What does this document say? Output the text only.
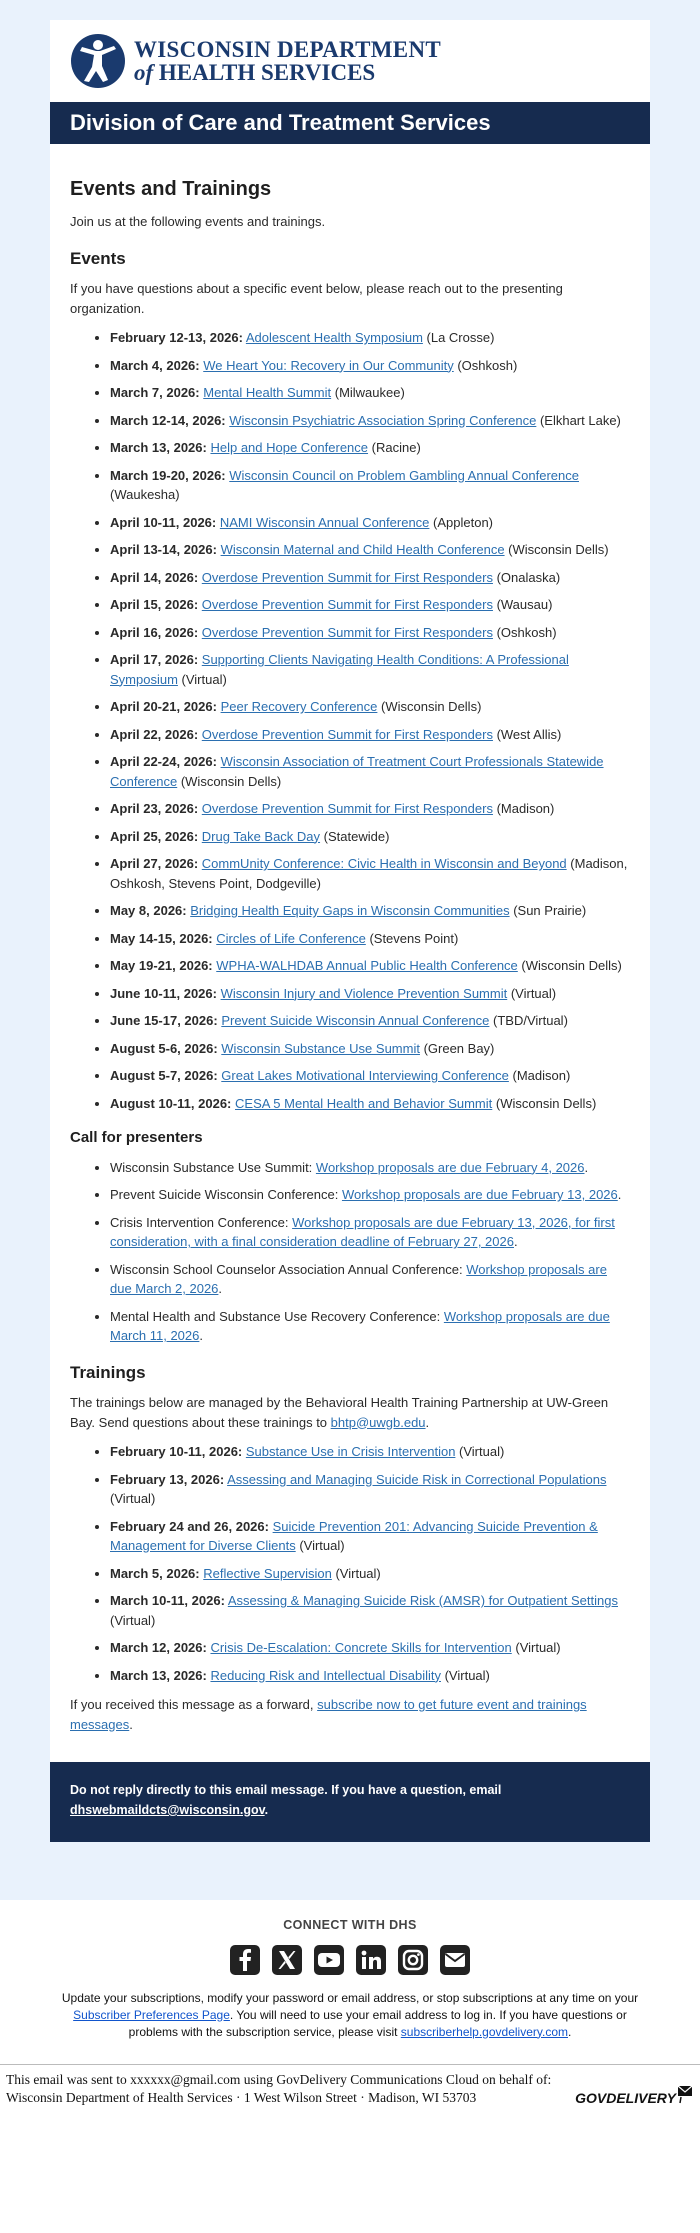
WISCONSIN DEPARTMENT
of HEALTH SERVICES
Division of Care and Treatment Services
Events and Trainings

Join us at the following events and trainings.

Events

If you have questions about a specific event below, please reach out to the presenting organization.

• February 12-13, 2026: Adolescent Health Symposium (La Crosse)
• March 4, 2026: We Heart You: Recovery in Our Community (Oshkosh)
• March 7, 2026: Mental Health Summit (Milwaukee)
• March 12-14, 2026: Wisconsin Psychiatric Association Spring Conference (Elkhart Lake)
• March 13, 2026: Help and Hope Conference (Racine)
• March 19-20, 2026: Wisconsin Council on Problem Gambling Annual Conference (Waukesha)
• April 10-11, 2026: NAMI Wisconsin Annual Conference (Appleton)
• April 13-14, 2026: Wisconsin Maternal and Child Health Conference (Wisconsin Dells)
• April 14, 2026: Overdose Prevention Summit for First Responders (Onalaska)
• April 15, 2026: Overdose Prevention Summit for First Responders (Wausau)
• April 16, 2026: Overdose Prevention Summit for First Responders (Oshkosh)
• April 17, 2026: Supporting Clients Navigating Health Conditions: A Professional Symposium (Virtual)
• April 20-21, 2026: Peer Recovery Conference (Wisconsin Dells)
• April 22, 2026: Overdose Prevention Summit for First Responders (West Allis)
• April 22-24, 2026: Wisconsin Association of Treatment Court Professionals Statewide Conference (Wisconsin Dells)
• April 23, 2026: Overdose Prevention Summit for First Responders (Madison)
• April 25, 2026: Drug Take Back Day (Statewide)
• April 27, 2026: CommUnity Conference: Civic Health in Wisconsin and Beyond (Madison, Oshkosh, Stevens Point, Dodgeville)
• May 8, 2026: Bridging Health Equity Gaps in Wisconsin Communities (Sun Prairie)
• May 14-15, 2026: Circles of Life Conference (Stevens Point)
• May 19-21, 2026: WPHA-WALHDAB Annual Public Health Conference (Wisconsin Dells)
• June 10-11, 2026: Wisconsin Injury and Violence Prevention Summit (Virtual)
• June 15-17, 2026: Prevent Suicide Wisconsin Annual Conference (TBD/Virtual)
• August 5-6, 2026: Wisconsin Substance Use Summit (Green Bay)
• August 5-7, 2026: Great Lakes Motivational Interviewing Conference (Madison)
• August 10-11, 2026: CESA 5 Mental Health and Behavior Summit (Wisconsin Dells)
Call for presenters
• Wisconsin Substance Use Summit: Workshop proposals are due February 4, 2026.
• Prevent Suicide Wisconsin Conference: Workshop proposals are due February 13, 2026.
• Crisis Intervention Conference: Workshop proposals are due February 13, 2026, for first consideration, with a final consideration deadline of February 27, 2026.
• Wisconsin School Counselor Association Annual Conference: Workshop proposals are due March 2, 2026.
• Mental Health and Substance Use Recovery Conference: Workshop proposals are due March 11, 2026.
Trainings

The trainings below are managed by the Behavioral Health Training Partnership at UW-Green Bay. Send questions about these trainings to bhtp@uwgb.edu.

• February 10-11, 2026: Substance Use in Crisis Intervention (Virtual)
• February 13, 2026: Assessing and Managing Suicide Risk in Correctional Populations (Virtual)
• February 24 and 26, 2026: Suicide Prevention 201: Advancing Suicide Prevention & Management for Diverse Clients (Virtual)
• March 5, 2026: Reflective Supervision (Virtual)
• March 10-11, 2026: Assessing & Managing Suicide Risk (AMSR) for Outpatient Settings (Virtual)
• March 12, 2026: Crisis De-Escalation: Concrete Skills for Intervention (Virtual)
• March 13, 2026: Reducing Risk and Intellectual Disability (Virtual)

If you received this message as a forward, subscribe now to get future event and trainings messages.

Do not reply directly to this email message. If you have a question, email dhswebmaildcts@wisconsin.gov.
CONNECT WITH DHS
Update your subscriptions, modify your password or email address, or stop subscriptions at any time on your Subscriber Preferences Page. You will need to use your email address to log in. If you have questions or problems with the subscription service, please visit subscriberhelp.govdelivery.com.
This email was sent to xxxxxx@gmail.com using GovDelivery Communications Cloud on behalf of: Wisconsin Department of Health Services · 1 West Wilson Street · Madison, WI 53703	GOVDELIVERY
